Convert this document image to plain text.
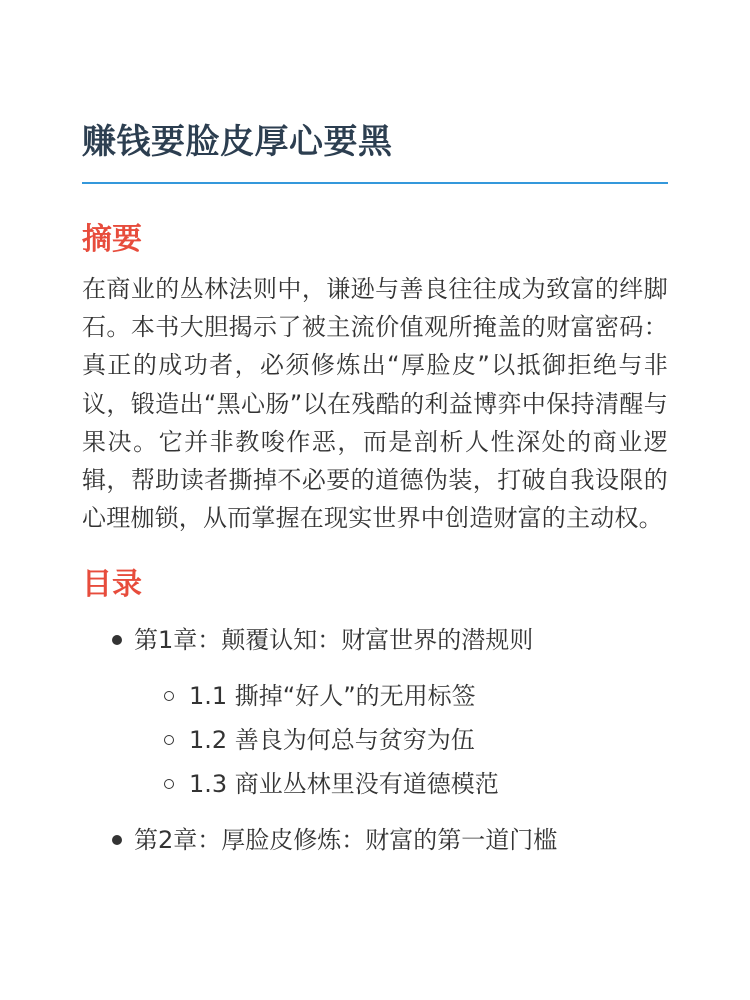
赚钱要脸皮厚心要黑
摘要

在商业的丛林法则中，谦逊与善良往往成为致富的绊脚石。本书大胆揭示了被主流价值观所掩盖的财富密码：真正的成功者，必须修炼出“厚脸皮”以抵御拒绝与非议，锻造出“黑心肠”以在残酷的利益博弈中保持清醒与果决。它并非教唆作恶，而是剖析人性深处的商业逻辑，帮助读者撕掉不必要的道德伪装，打破自我设限的心理枷锁，从而掌握在现实世界中创造财富的主动权。

目录
第1章：颠覆认知：财富世界的潜规则
1.1 撕掉“好人”的无用标签
1.2 善良为何总与贫穷为伍
1.3 商业丛林里没有道德模范
第2章：厚脸皮修炼：财富的第一道门槛
